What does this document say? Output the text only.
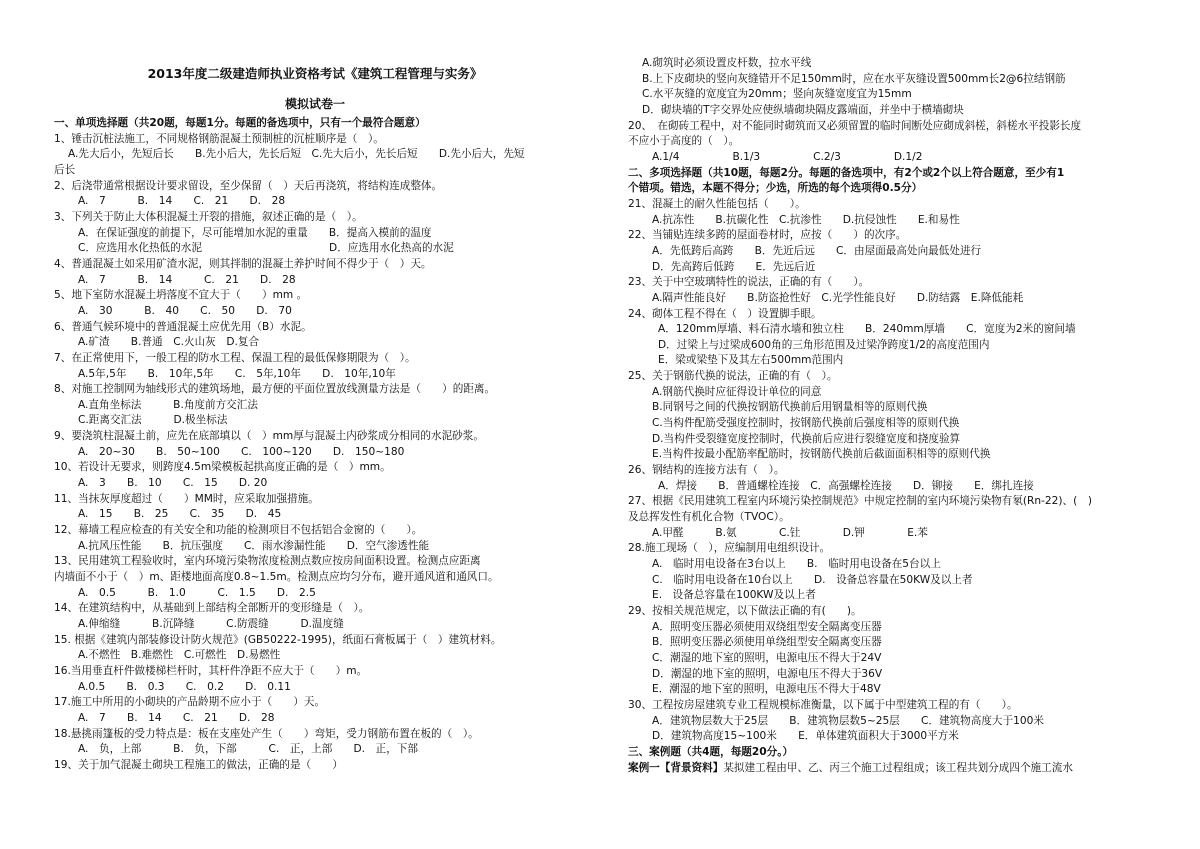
2013年度二级建造师执业资格考试《建筑工程管理与实务》
模拟试卷一
一、单项选择题（共20题，每题1分。每题的备选项中，只有一个最符合题意）
1、锤击沉桩法施工，不同规格钢筋混凝土预制桩的沉桩顺序是（　）。
A.先大后小，先短后长　　B.先小后大，先长后短　C.先大后小，先长后短　　D.先小后大，先短
后长
2、后浇带通常根据设计要求留设，至少保留（　）天后再浇筑，将结构连成整体。
A.　7　　　B.　14　　C.　21　　D.　28
3、下列关于防止大体积混凝土开裂的措施，叙述正确的是（　）。
A．在保证强度的前提下，尽可能增加水泥的重量　　B．提高入模前的温度
C．应选用水化热低的水泥　　　　　　　　　　　　D．应选用水化热高的水泥
4、普通混凝土如采用矿渣水泥，则其拌制的混凝土养护时间不得少于（　）天。
A.　7　　　B.　14　　　C.　21　　D.　28
5、地下室防水混凝土坍落度不宜大于（　　）mm 。
A.　30　　　B.　40　　C.　50　　D.　70
6、普通气候环境中的普通混凝土应优先用（B）水泥。
A.矿渣　　B.普通　C.火山灰　D.复合
7、在正常使用下，一般工程的防水工程、保温工程的最低保修期限为（　）。
A.5年,5年　　B.　10年,5年　　C.　5年,10年　　D.　10年,10年
8、对施工控制网为轴线形式的建筑场地，最方便的平面位置放线测量方法是（　　）的距离。
A.直角坐标法　　　B.角度前方交汇法
C.距离交汇法　　　D.极坐标法
9、要浇筑柱混凝土前，应先在底部填以（　）mm厚与混凝土内砂浆成分相同的水泥砂浆。
A.　20~30　　B.　50~100　　C.　100~120　　D.　150~180
10、若设计无要求，则跨度4.5m梁模板起拱高度正确的是（　）mm。
A.　3　　B.　10　　C.　15　　D. 20
11、当抹灰厚度超过（　　）MM时，应采取加强措施。
A.　15　　B.　25　　C.　35　　D.　45
12、幕墙工程应检查的有关安全和功能的检测项目不包括铝合金窗的（　　）。
A.抗风压性能　　B．抗压强度　　C．雨水渗漏性能　　D．空气渗透性能
13、民用建筑工程验收时，室内环境污染物浓度检测点数应按房间面积设置。检测点应距离
内墙面不小于（　）m、距楼地面高度0.8~1.5m。检测点应均匀分布，避开通风道和通风口。
A.　0.5　　　B.　1.0　　　C.　1.5　　D.　2.5
14、在建筑结构中，从基础到上部结构全部断开的变形缝是（　）。
A.伸缩缝　　　B.沉降缝　　　C.防震缝　　　D.温度缝
15. 根据《建筑内部装修设计防火规范》(GB50222-1995)，纸面石膏板属于（　）建筑材料。
A.不燃性　B.难燃性　C.可燃性　D.易燃性
16.当用垂直杆件做楼梯栏杆时，其杆件净距不应大于（　　）m。
A.0.5　　B.　0.3　　C.　0.2　　D.　0.11
17.施工中所用的小砌块的产品龄期不应小于（　　）天。
A.　7　　B.　14　　C.　21　　D.　28
18.悬挑雨篷板的受力特点是：板在支座处产生（　　）弯矩，受力钢筋布置在板的（　）。
A.　负，上部　　　B.　负，下部　　　C.　正，上部　　D.　正，下部
19、关于加气混凝土砌块工程施工的做法，正确的是（　　）
A.砌筑时必须设置皮杆数，拉水平线
B.上下皮砌块的竖向灰缝错开不足150mm时，应在水平灰缝设置500mm长2@6拉结钢筋
C.水平灰缝的宽度宜为20mm；竖向灰缝宽度宜为15mm
D．砌块墙的T字交界处应使纵墙砌块隔皮露端面，并坐中于横墙砌块
20、　在砌砖工程中，对不能同时砌筑而又必须留置的临时间断处应砌成斜槎，斜槎水平投影长度
不应小于高度的（　）。
A.1/4　　　　　B.1/3　　　　　C.2/3　　　　　D.1/2
二、多项选择题（共10题，每题2分。每题的备选项中，有2个或2个以上符合题意，至少有1
个错项。错选，本题不得分；少选，所选的每个选项得0.5分）
21、混凝土的耐久性能包括（　　）。
A.抗冻性　　B.抗碳化性　C.抗渗性　　D.抗侵蚀性　　E.和易性
22、当铺贴连续多跨的屋面卷材时，应按（　　）的次序。
A．先低跨后高跨　　B．先近后远　　C．由屋面最高处向最低处进行
D．先高跨后低跨　　E．先远后近
23、关于中空玻璃特性的说法，正确的有（　　）。
A.隔声性能良好　　B.防盗抢性好　C.光学性能良好　　D.防结露　E.降低能耗
24、砌体工程不得在（　）设置脚手眼。
A．120mm厚墙、料石清水墙和独立柱　　B．240mm厚墙　　C．宽度为2米的窗间墙
D．过梁上与过梁成600角的三角形范围及过梁净跨度1/2的高度范围内
E．梁或梁垫下及其左右500mm范围内
25、关于钢筋代换的说法，正确的有（　）。
A.钢筋代换时应征得设计单位的同意
B.同钢号之间的代换按钢筋代换前后用钢量相等的原则代换
C.当构件配筋受强度控制时，按钢筋代换前后强度相等的原则代换
D.当构件受裂缝宽度控制时，代换前后应进行裂缝宽度和挠度验算
E.当构件按最小配筋率配筋时，按钢筋代换前后截面面积相等的原则代换
26、钢结构的连接方法有（　）。
A．焊接　　B．普通螺栓连接　C．高强螺栓连接　　D．铆接　　E．绑扎连接
27、根据《民用建筑工程室内环境污染控制规范》中规定控制的室内环境污染物有氡(Rn-22)、(　)
及总挥发性有机化合物（TVOC）。
A.甲醛　　　B.氨　　　　C.钍　　　　D.钾　　　　E.苯
28.施工现场（　），应编制用电组织设计。
A.　临时用电设备在3台以上　　B.　临时用电设备在5台以上
C.　临时用电设备在10台以上　　D.　设备总容量在50KW及以上者
E.　设备总容量在100KW及以上者
29、按相关规范规定，以下做法正确的有(　　)。
A．照明变压器必须使用双绕组型安全隔离变压器
B．照明变压器必须使用单绕组型安全隔离变压器
C．潮湿的地下室的照明，电源电压不得大于24V
D．潮湿的地下室的照明，电源电压不得大于36V
E．潮湿的地下室的照明，电源电压不得大于48V
30、工程按房屋建筑专业工程规模标准衡量，以下属于中型建筑工程的有（　　）。
A．建筑物层数大于25层　　B．建筑物层数5~25层　　C．建筑物高度大于100米
D．建筑物高度15~100米　　E．单体建筑面积大于3000平方米
三、案例题（共4题，每题20分。）
案例一【背景资料】某拟建工程由甲、乙、丙三个施工过程组成；该工程共划分成四个施工流水
